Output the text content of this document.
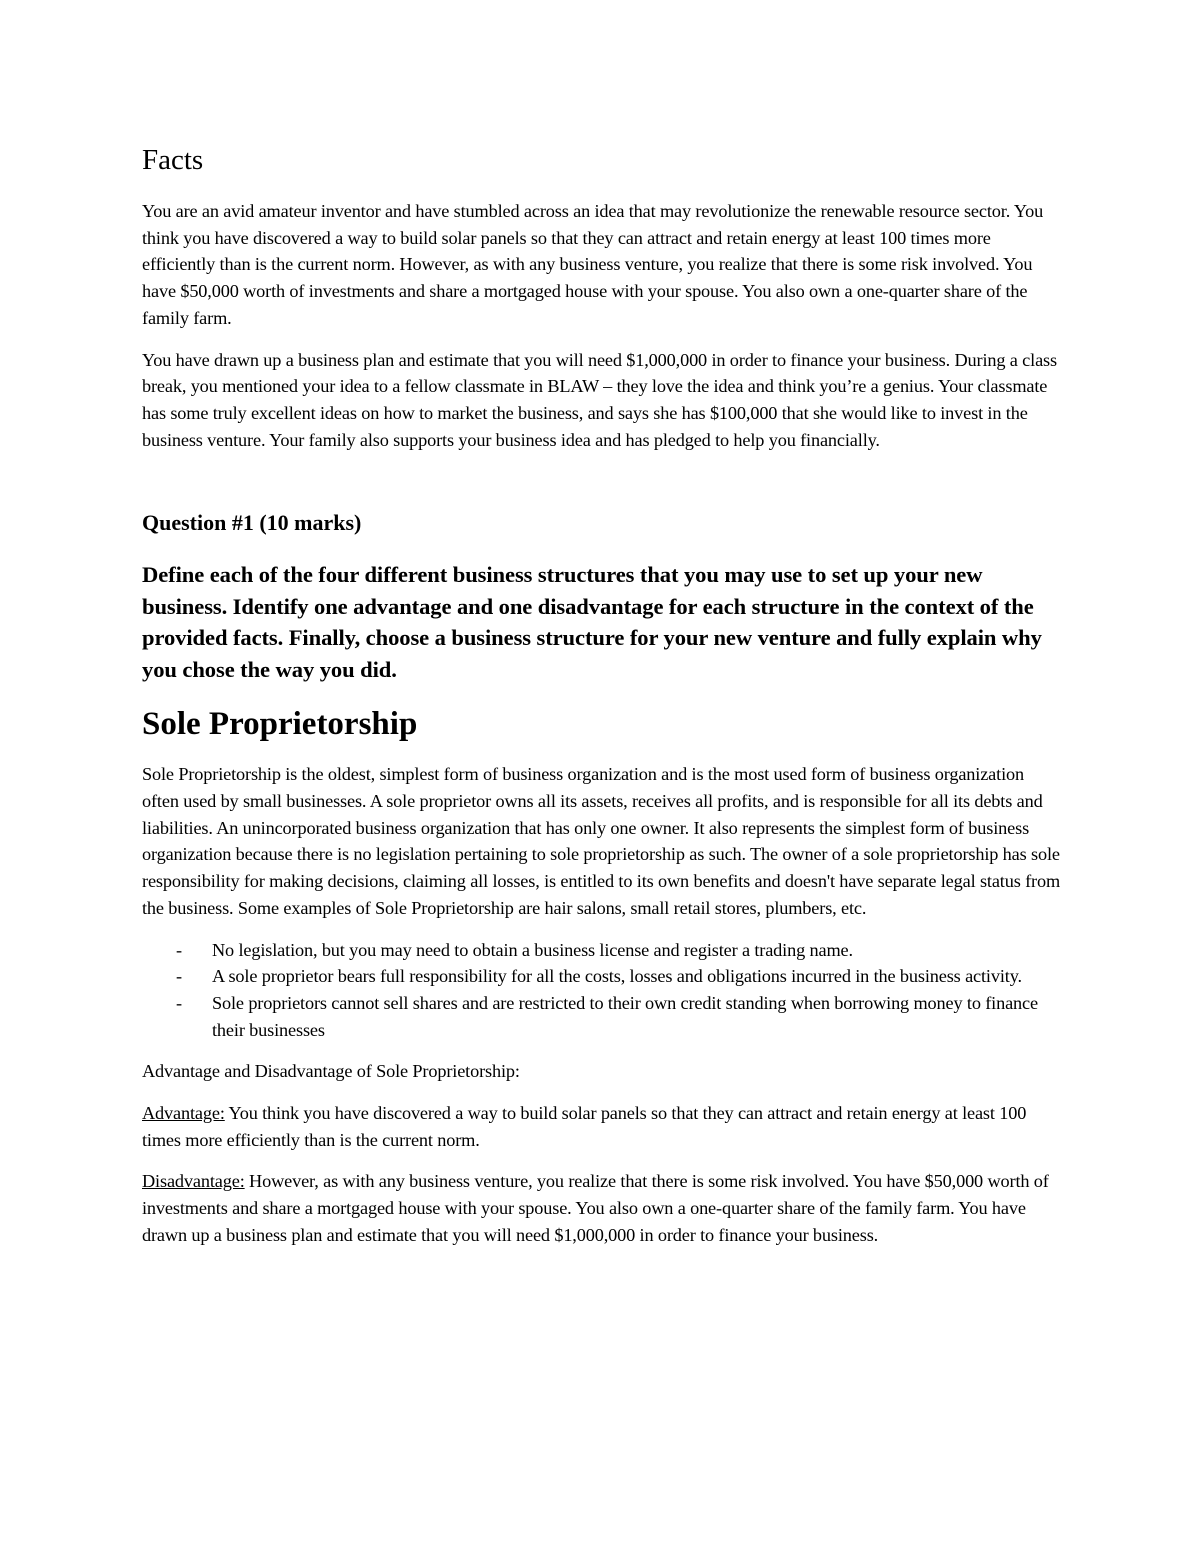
Facts

You are an avid amateur inventor and have stumbled across an idea that may revolutionize the renewable resource sector. You think you have discovered a way to build solar panels so that they can attract and retain energy at least 100 times more efficiently than is the current norm. However, as with any business venture, you realize that there is some risk involved. You have $50,000 worth of investments and share a mortgaged house with your spouse. You also own a one-quarter share of the family farm.

You have drawn up a business plan and estimate that you will need $1,000,000 in order to finance your business. During a class break, you mentioned your idea to a fellow classmate in BLAW – they love the idea and think you’re a genius. Your classmate has some truly excellent ideas on how to market the business, and says she has $100,000 that she would like to invest in the business venture. Your family also supports your business idea and has pledged to help you financially.

Question #1 (10 marks)
Define each of the four different business structures that you may use to set up your new business. Identify one advantage and one disadvantage for each structure in the context of the provided facts. Finally, choose a business structure for your new venture and fully explain why you chose the way you did.
Sole Proprietorship

Sole Proprietorship is the oldest, simplest form of business organization and is the most used form of business organization often used by small businesses. A sole proprietor owns all its assets, receives all profits, and is responsible for all its debts and liabilities. An unincorporated business organization that has only one owner. It also represents the simplest form of business organization because there is no legislation pertaining to sole proprietorship as such. The owner of a sole proprietorship has sole responsibility for making decisions, claiming all losses, is entitled to its own benefits and doesn't have separate legal status from the business. Some examples of Sole Proprietorship are hair salons, small retail stores, plumbers, etc.

- No legislation, but you may need to obtain a business license and register a trading name.
- A sole proprietor bears full responsibility for all the costs, losses and obligations incurred in the business activity.
- Sole proprietors cannot sell shares and are restricted to their own credit standing when borrowing money to finance their businesses

Advantage and Disadvantage of Sole Proprietorship:

Advantage: You think you have discovered a way to build solar panels so that they can attract and retain energy at least 100 times more efficiently than is the current norm.

Disadvantage: However, as with any business venture, you realize that there is some risk involved. You have $50,000 worth of investments and share a mortgaged house with your spouse. You also own a one-quarter share of the family farm. You have drawn up a business plan and estimate that you will need $1,000,000 in order to finance your business.
